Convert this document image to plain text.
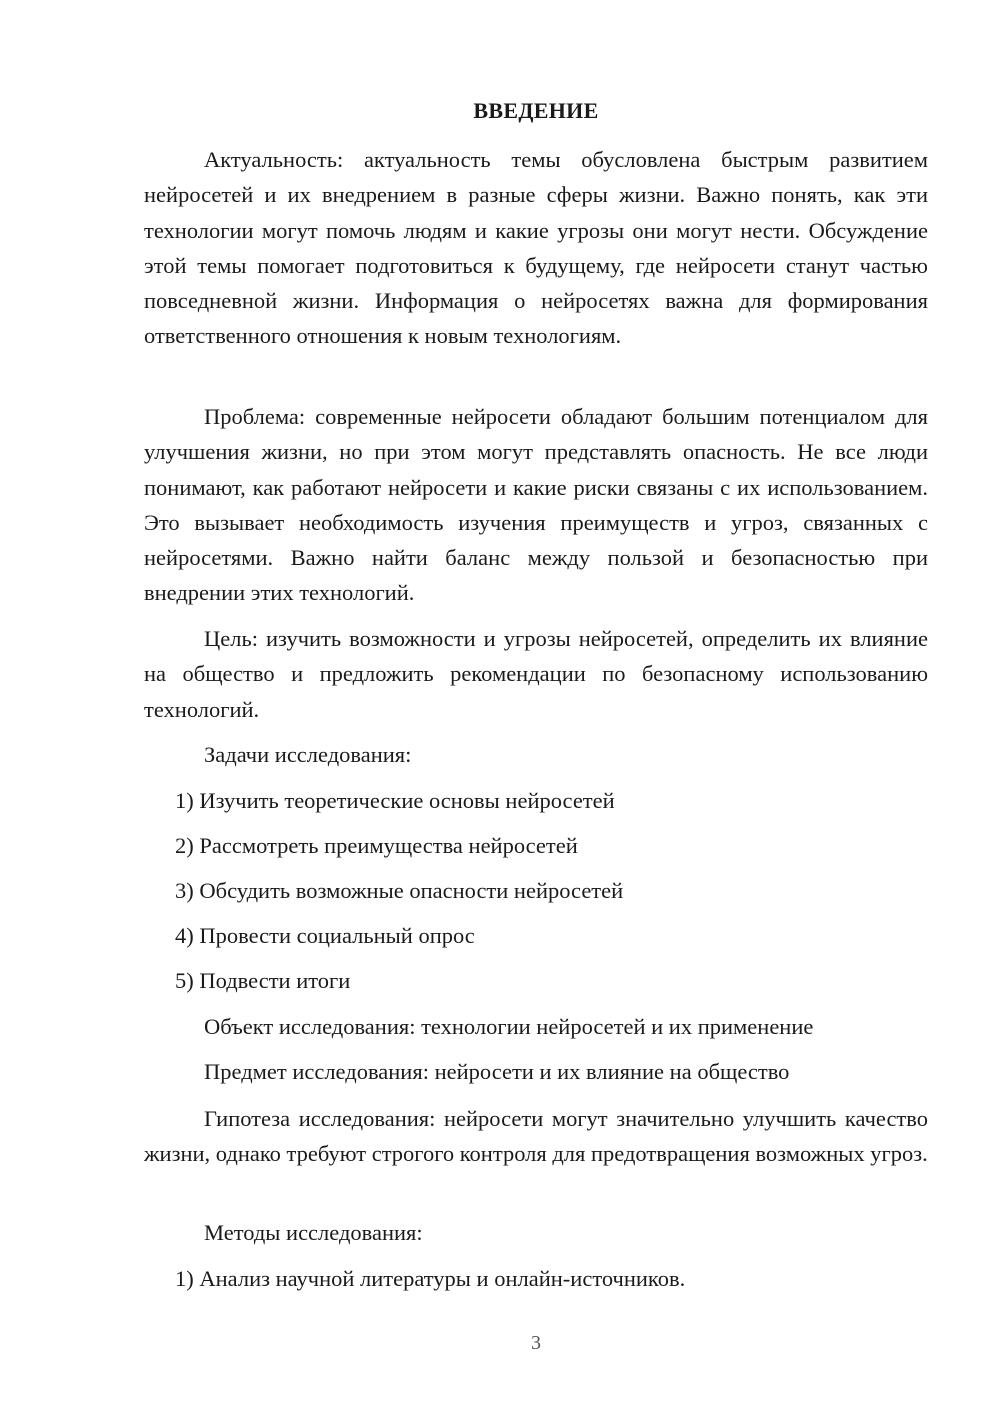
ВВЕДЕНИЕ

Актуальность: актуальность темы обусловлена быстрым развитием нейросетей и их внедрением в разные сферы жизни. Важно понять, как эти технологии могут помочь людям и какие угрозы они могут нести. Обсуждение этой темы помогает подготовиться к будущему, где нейросети станут частью повседневной жизни. Информация о нейросетях важна для формирования ответственного отношения к новым технологиям.

Проблема: современные нейросети обладают большим потенциалом для улучшения жизни, но при этом могут представлять опасность. Не все люди понимают, как работают нейросети и какие риски связаны с их использованием. Это вызывает необходимость изучения преимуществ и угроз, связанных с нейросетями. Важно найти баланс между пользой и безопасностью при внедрении этих технологий.

Цель: изучить возможности и угрозы нейросетей, определить их влияние на общество и предложить рекомендации по безопасному использованию технологий.

Задачи исследования:

1) Изучить теоретические основы нейросетей

2) Рассмотреть преимущества нейросетей

3) Обсудить возможные опасности нейросетей

4) Провести социальный опрос

5) Подвести итоги

Объект исследования: технологии нейросетей и их применение

Предмет исследования: нейросети и их влияние на общество

Гипотеза исследования: нейросети могут значительно улучшить качество жизни, однако требуют строгого контроля для предотвращения возможных угроз.

Методы исследования:

1) Анализ научной литературы и онлайн-источников.

3
